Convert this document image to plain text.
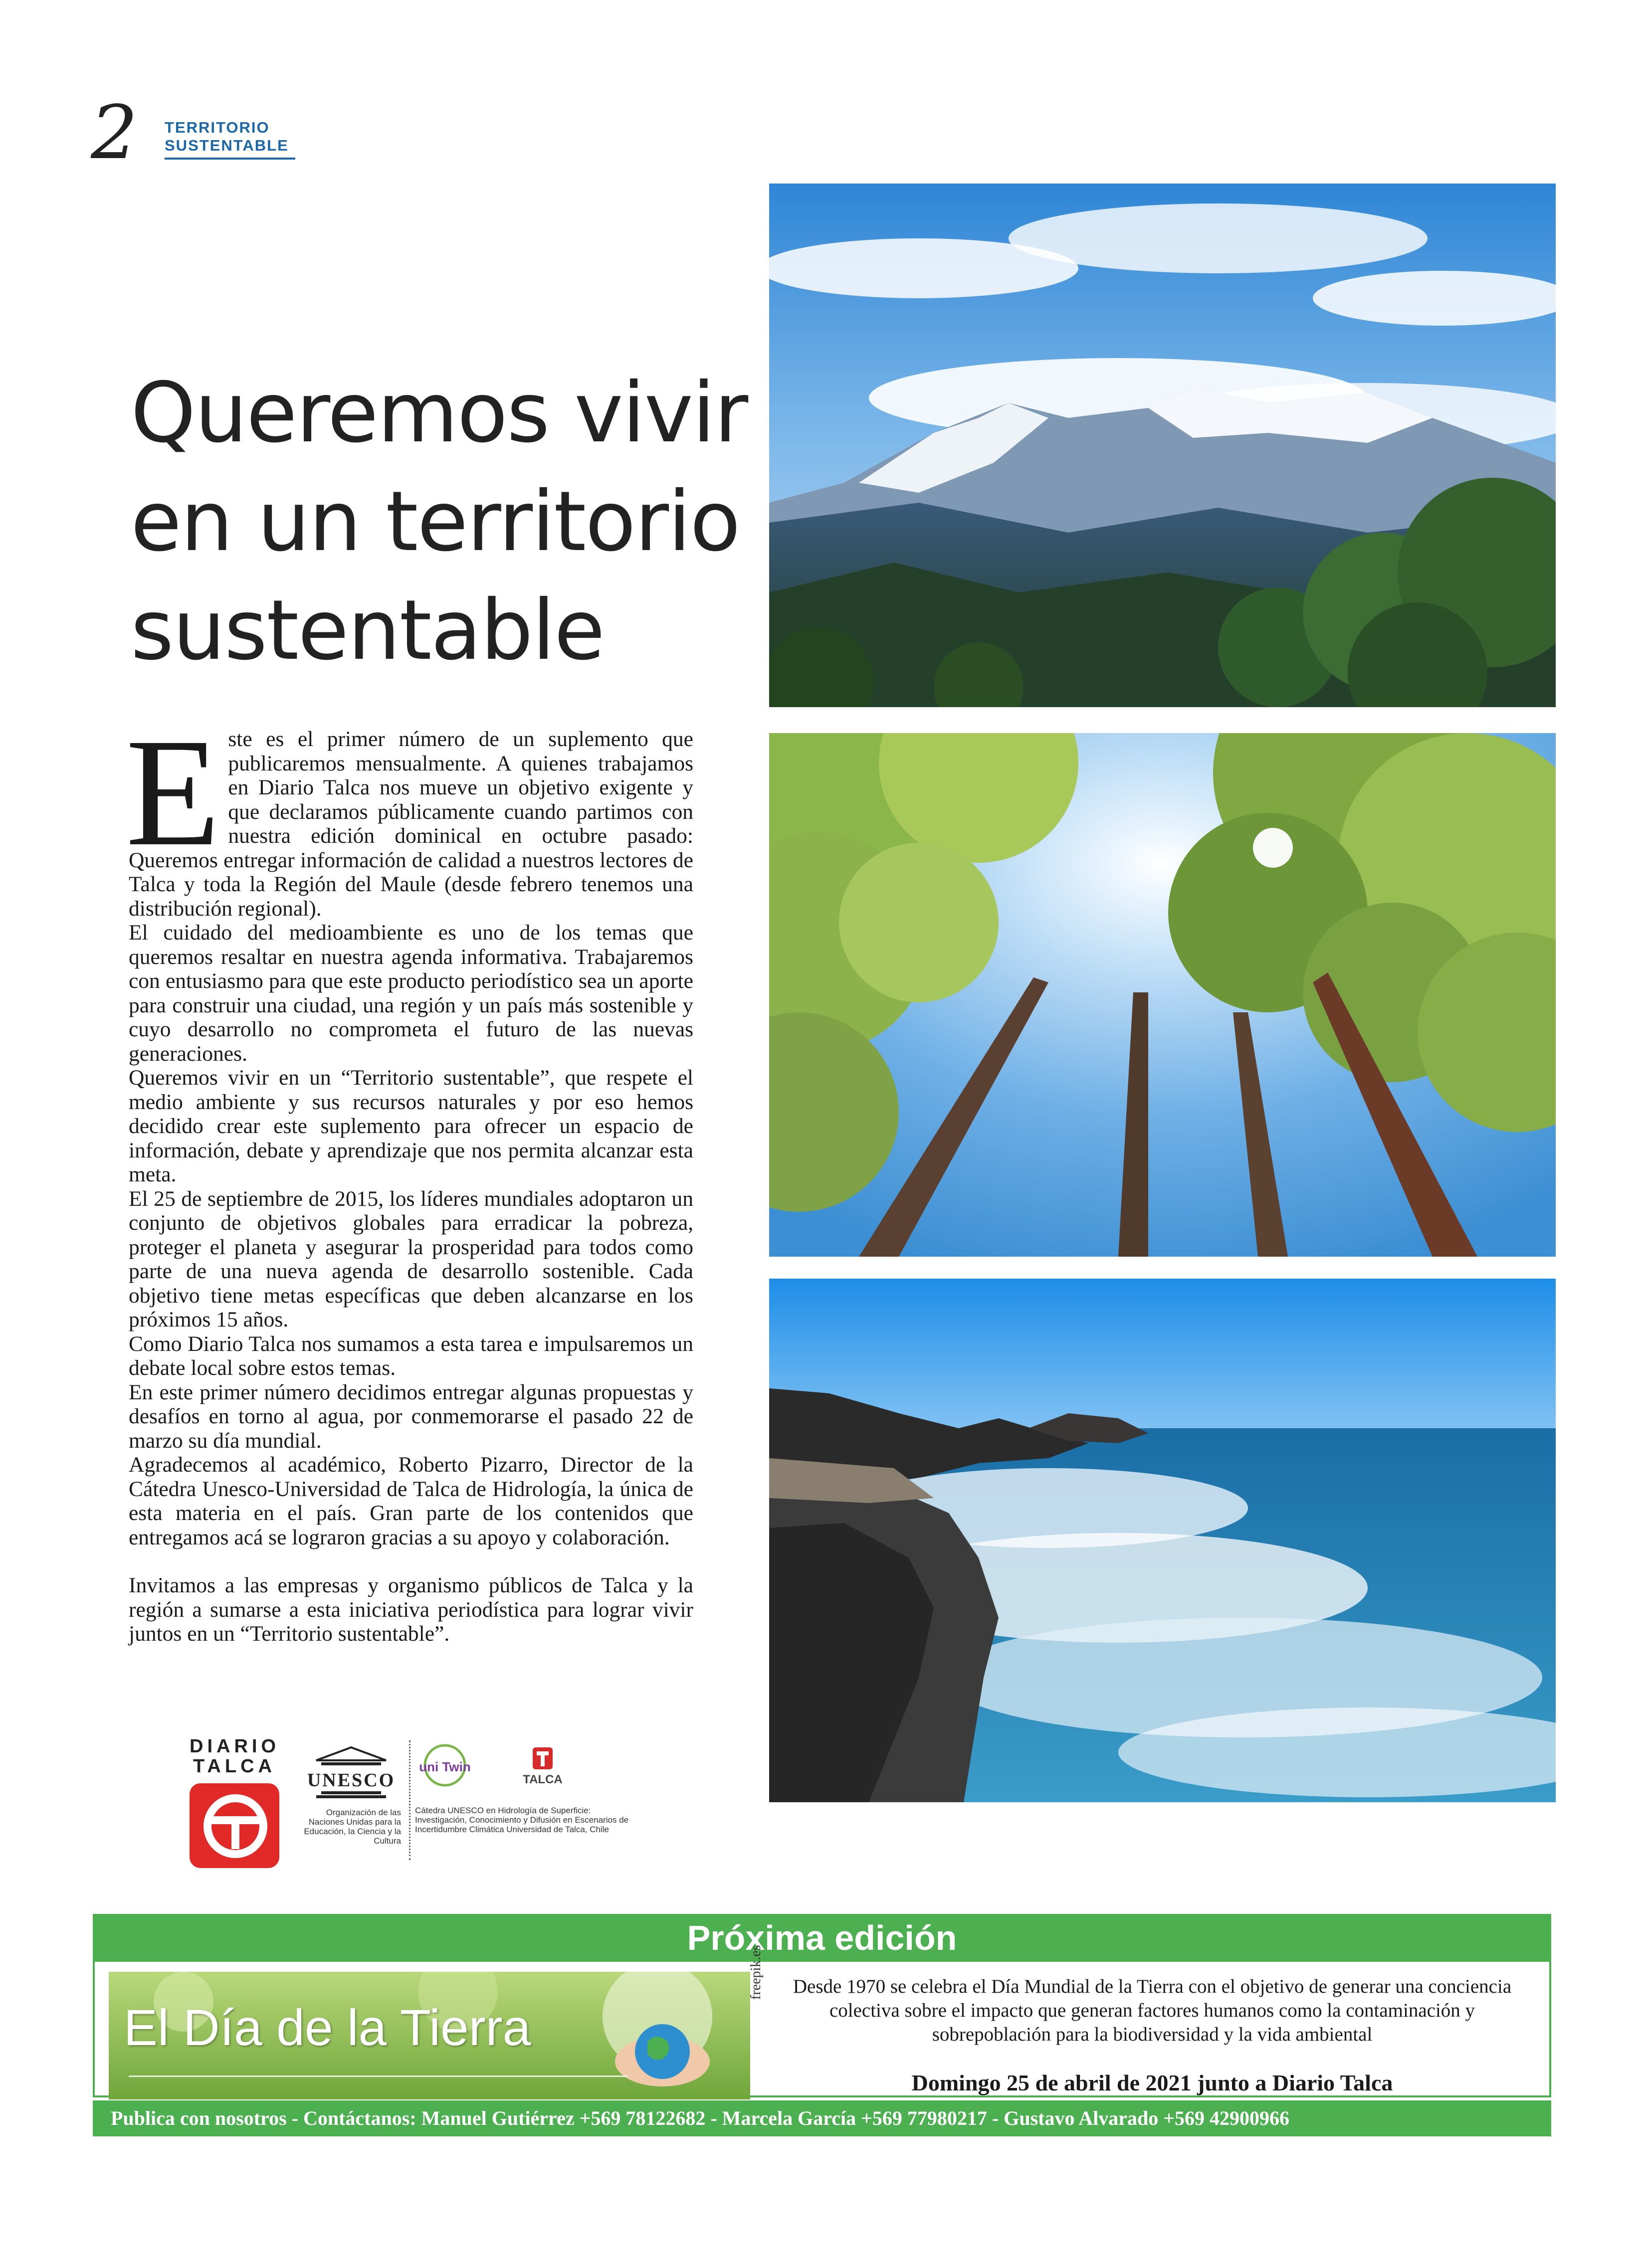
2 TERRITORIO
SUSTENTABLE
Queremos vivir
en un territorio
sustentable
E ste es el primer número de un suplemento que publicaremos mensualmente. A quienes trabajamos en Diario Talca nos mueve un objetivo exigente y que declaramos públicamente cuando partimos con nuestra edición dominical en octubre pasado: Queremos entregar información de calidad a nuestros lectores de Talca y toda la Región del Maule (desde febrero tenemos una distribución regional).

El cuidado del medioambiente es uno de los temas que queremos resaltar en nuestra agenda informativa. Trabajaremos con entusiasmo para que este producto periodístico sea un aporte para construir una ciudad, una región y un país más sostenible y cuyo desarrollo no comprometa el futuro de las nuevas generaciones.

Queremos vivir en un “Territorio sustentable”, que respete el medio ambiente y sus recursos naturales y por eso hemos decidido crear este suplemento para ofrecer un espacio de información, debate y aprendizaje que nos permita alcanzar esta meta.

El 25 de septiembre de 2015, los líderes mundiales adoptaron un conjunto de objetivos globales para erradicar la pobreza, proteger el planeta y asegurar la prosperidad para todos como parte de una nueva agenda de desarrollo sostenible. Cada objetivo tiene metas específicas que deben alcanzarse en los próximos 15 años.

Como Diario Talca nos sumamos a esta tarea e impulsaremos un debate local sobre estos temas.

En este primer número decidimos entregar algunas propuestas y desafíos en torno al agua, por conmemorarse el pasado 22 de marzo su día mundial.

Agradecemos al académico, Roberto Pizarro, Director de la Cátedra Unesco-Universidad de Talca de Hidrología, la única de esta materia en el país. Gran parte de los contenidos que entregamos acá se lograron gracias a su apoyo y colaboración.

Invitamos a las empresas y organismo públicos de Talca y la región a sumarse a esta iniciativa periodística para lograr vivir juntos en un “Territorio sustentable”.

DIARIO
TALCA
UNESCO
Organización de las Naciones Unidas para la Educación, la Ciencia y la Cultura
uni Twin
TALCA
Cátedra UNESCO en Hidrología de Superficie: Investigación, Conocimiento y Difusión en Escenarios de Incertidumbre Climática Universidad de Talca, Chile
Próxima edición
El Día de la Tierra
freepik.es	Desde 1970 se celebra el Día Mundial de la Tierra con el objetivo de generar una conciencia colectiva sobre el impacto que generan factores humanos como la contaminación y sobrepoblación para la biodiversidad y la vida ambiental
Domingo 25 de abril de 2021 junto a Diario Talca
Publica con nosotros - Contáctanos: Manuel Gutiérrez +569 78122682 - Marcela García +569 77980217 - Gustavo Alvarado +569 42900966
